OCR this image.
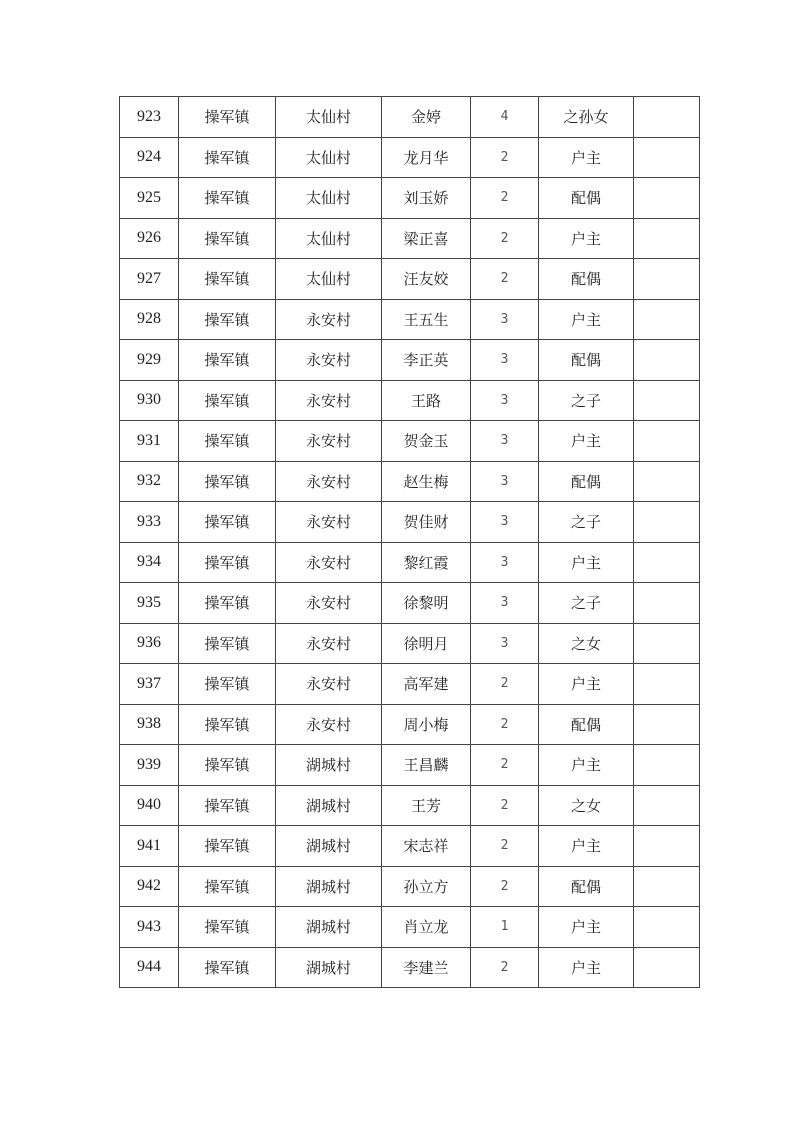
923	操军镇	太仙村	金婷	4	之孙女	
924	操军镇	太仙村	龙月华	2	户主	
925	操军镇	太仙村	刘玉娇	2	配偶	
926	操军镇	太仙村	梁正喜	2	户主	
927	操军镇	太仙村	汪友姣	2	配偶	
928	操军镇	永安村	王五生	3	户主	
929	操军镇	永安村	李正英	3	配偶	
930	操军镇	永安村	王路	3	之子	
931	操军镇	永安村	贺金玉	3	户主	
932	操军镇	永安村	赵生梅	3	配偶	
933	操军镇	永安村	贺佳财	3	之子	
934	操军镇	永安村	黎红霞	3	户主	
935	操军镇	永安村	徐黎明	3	之子	
936	操军镇	永安村	徐明月	3	之女	
937	操军镇	永安村	高军建	2	户主	
938	操军镇	永安村	周小梅	2	配偶	
939	操军镇	湖城村	王昌麟	2	户主	
940	操军镇	湖城村	王芳	2	之女	
941	操军镇	湖城村	宋志祥	2	户主	
942	操军镇	湖城村	孙立方	2	配偶	
943	操军镇	湖城村	肖立龙	1	户主	
944	操军镇	湖城村	李建兰	2	户主	
